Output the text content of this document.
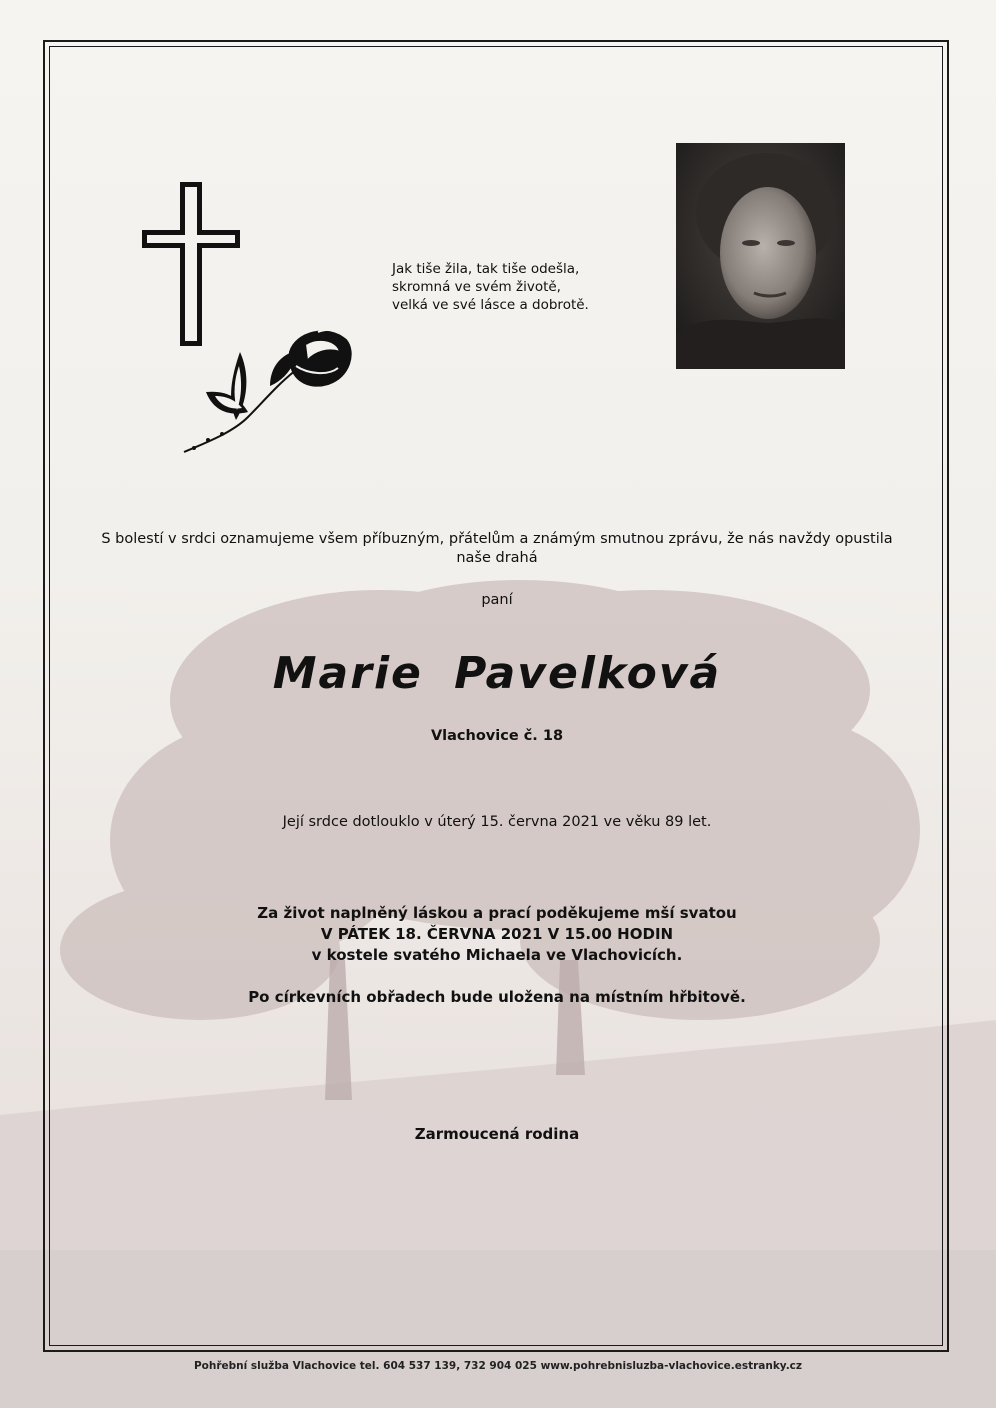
Jak tiše žila, tak tiše odešla,
skromná ve svém životě,
velká ve své lásce a dobrotě.
S bolestí v srdci oznamujeme všem příbuzným, přátelům a známým smutnou zprávu, že nás navždy opustila
naše drahá
paní
Marie Pavelková
Vlachovice č. 18
Její srdce dotlouklo v úterý 15. června 2021 ve věku 89 let.
Za život naplněný láskou a prací poděkujeme mší svatou
V PÁTEK 18. ČERVNA 2021 V 15.00 HODIN
v kostele svatého Michaela ve Vlachovicích.
Po církevních obřadech bude uložena na místním hřbitově.
Zarmoucená rodina
Pohřební služba Vlachovice tel. 604 537 139, 732 904 025 www.pohrebnisluzba-vlachovice.estranky.cz
